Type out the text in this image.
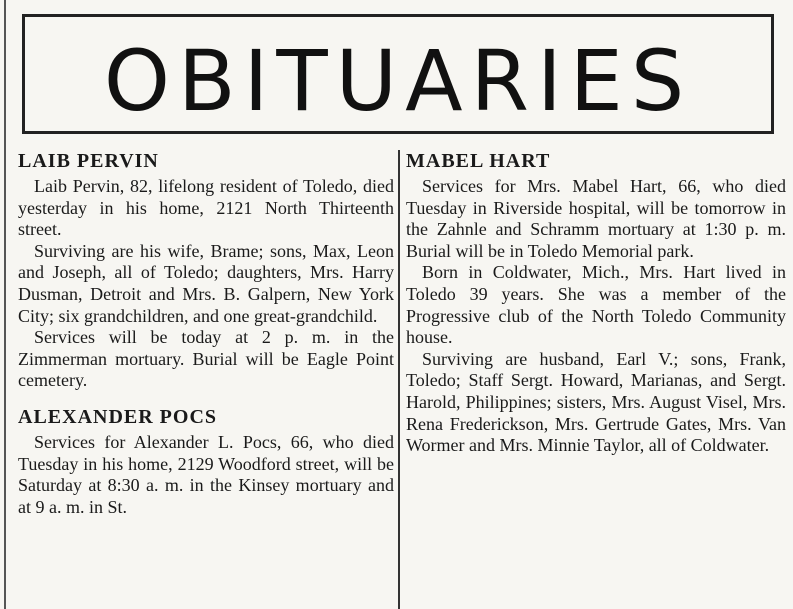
OBITUARIES
LAIB PERVIN

Laib Pervin, 82, lifelong resident of Toledo, died yesterday in his home, 2121 North Thirteenth street.

Surviving are his wife, Brame; sons, Max, Leon and Joseph, all of Toledo; daughters, Mrs. Harry Dusman, Detroit and Mrs. B. Galpern, New York City; six grandchildren, and one great-grandchild.

Services will be today at 2 p. m. in the Zimmerman mortuary. Burial will be Eagle Point cemetery.

ALEXANDER POCS

Services for Alexander L. Pocs, 66, who died Tuesday in his home, 2129 Woodford street, will be Saturday at 8:30 a. m. in the Kinsey mortuary and at 9 a. m. in St.

MABEL HART

Services for Mrs. Mabel Hart, 66, who died Tuesday in Riverside hospital, will be tomorrow in the Zahnle and Schramm mortuary at 1:30 p. m. Burial will be in Toledo Memorial park.

Born in Coldwater, Mich., Mrs. Hart lived in Toledo 39 years. She was a member of the Progressive club of the North Toledo Community house.

Surviving are husband, Earl V.; sons, Frank, Toledo; Staff Sergt. Howard, Marianas, and Sergt. Harold, Philippines; sisters, Mrs. August Visel, Mrs. Rena Frederickson, Mrs. Gertrude Gates, Mrs. Van Wormer and Mrs. Minnie Taylor, all of Coldwater.
